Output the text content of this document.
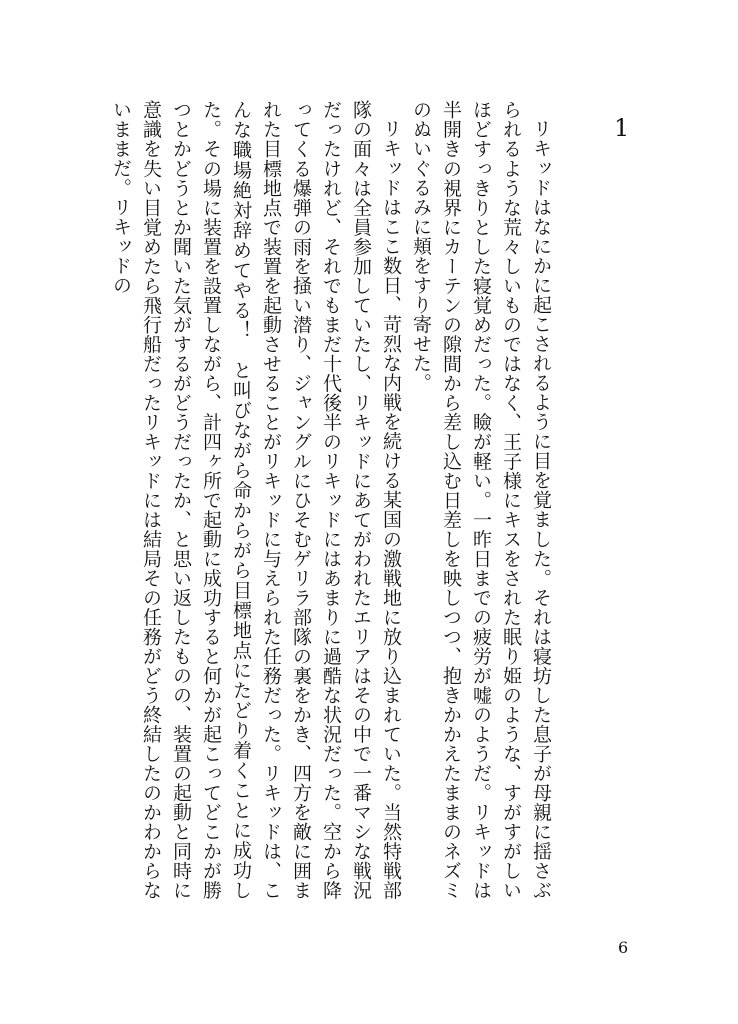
1

リキッドはなにかに起こされるように目を覚ました。それは寝坊した息子が母親に揺さぶられるような荒々しいものではなく、王子様にキスをされた眠り姫のような、すがすがしいほどすっきりとした寝覚めだった。瞼が軽い。一昨日までの疲労が嘘のようだ。リキッドは半開きの視界にカーテンの隙間から差し込む日差しを映しつつ、抱きかかえたままのネズミのぬいぐるみに頬をすり寄せた。

リキッドはここ数日、苛烈な内戦を続ける某国の激戦地に放り込まれていた。当然特戦部隊の面々は全員参加していたし、リキッドにあてがわれたエリアはその中で一番マシな戦況だったけれど、それでもまだ十代後半のリキッドにはあまりに過酷な状況だった。空から降ってくる爆弾の雨を掻い潜り、ジャングルにひそむゲリラ部隊の裏をかき、四方を敵に囲まれた目標地点で装置を起動させることがリキッドに与えられた任務だった。リキッドは、こんな職場絶対辞めてやる！　と叫びながら命からがら目標地点にたどり着くことに成功した。その場に装置を設置しながら、計四ヶ所で起動に成功すると何かが起こってどこかが勝つとかどうとか聞いた気がするがどうだったか、と思い返したものの、装置の起動と同時に意識を失い目覚めたら飛行船だったリキッドには結局その任務がどう終結したのかわからないままだ。リキッドの

6
